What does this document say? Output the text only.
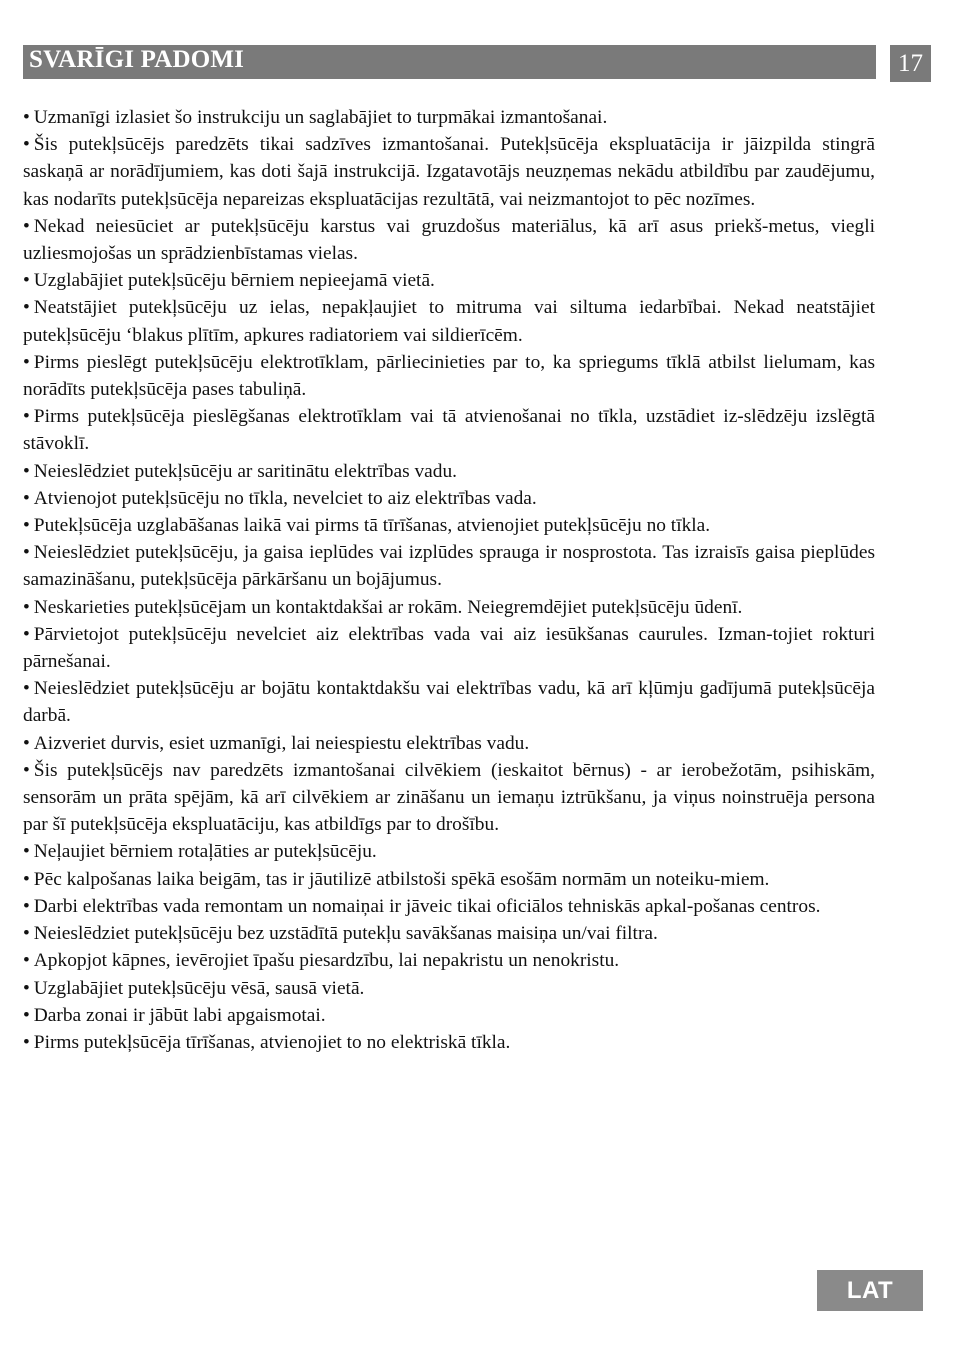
SVARĪGI PADOMI	17
• Uzmanīgi izlasiet šo instrukciju un saglabājiet to turpmākai izmantošanai.
• Šis putekļsūcējs paredzēts tikai sadzīves izmantošanai. Putekļsūcēja ekspluatācija ir jāizpilda stingrā saskaņā ar norādījumiem, kas doti šajā instrukcijā. Izgatavotājs neuzņemas nekādu atbildību par zaudējumu, kas nodarīts putekļsūcēja nepareizas ekspluatācijas rezultātā, vai neizmantojot to pēc nozīmes.
• Nekad neiesūciet ar putekļsūcēju karstus vai gruzdošus materiālus, kā arī asus priekš-metus, viegli uzliesmojošas un sprādzienbīstamas vielas.
• Uzglabājiet putekļsūcēju bērniem nepieejamā vietā.
• Neatstājiet putekļsūcēju uz ielas, nepakļaujiet to mitruma vai siltuma iedarbībai. Nekad neatstājiet putekļsūcēju ‘blakus plītīm, apkures radiatoriem vai sildierīcēm.
• Pirms pieslēgt putekļsūcēju elektrotīklam, pārliecinieties par to, ka spriegums tīklā atbilst lielumam, kas norādīts putekļsūcēja pases tabuliņā.
• Pirms putekļsūcēja pieslēgšanas elektrotīklam vai tā atvienošanai no tīkla, uzstādiet iz-slēdzēju izslēgtā stāvoklī.
• Neieslēdziet putekļsūcēju ar saritinātu elektrības vadu.
• Atvienojot putekļsūcēju no tīkla, nevelciet to aiz elektrības vada.
• Putekļsūcēja uzglabāšanas laikā vai pirms tā tīrīšanas, atvienojiet putekļsūcēju no tīkla.
• Neieslēdziet putekļsūcēju, ja gaisa ieplūdes vai izplūdes sprauga ir nosprostota. Tas izraisīs gaisa pieplūdes samazināšanu, putekļsūcēja pārkāršanu un bojājumus.
• Neskarieties putekļsūcējam un kontaktdakšai ar rokām. Neiegremdējiet putekļsūcēju ūdenī.
• Pārvietojot putekļsūcēju nevelciet aiz elektrības vada vai aiz iesūkšanas caurules. Izman-tojiet rokturi pārnešanai.
• Neieslēdziet putekļsūcēju ar bojātu kontaktdakšu vai elektrības vadu, kā arī kļūmju gadījumā putekļsūcēja darbā.
• Aizveriet durvis, esiet uzmanīgi, lai neiespiestu elektrības vadu.
• Šis putekļsūcējs nav paredzēts izmantošanai cilvēkiem (ieskaitot bērnus) - ar ierobežotām, psihiskām, sensorām un prāta spējām, kā arī cilvēkiem ar zināšanu un iemaņu iztrūkšanu, ja viņus noinstruēja persona par šī putekļsūcēja ekspluatāciju, kas atbildīgs par to drošību.
• Neļaujiet bērniem rotaļāties ar putekļsūcēju.
• Pēc kalpošanas laika beigām, tas ir jāutilizē atbilstoši spēkā esošām normām un noteiku-miem.
• Darbi elektrības vada remontam un nomaiņai ir jāveic tikai oficiālos tehniskās apkal-pošanas centros.
• Neieslēdziet putekļsūcēju bez uzstādītā putekļu savākšanas maisiņa un/vai filtra.
• Apkopjot kāpnes, ievērojiet īpašu piesardzību, lai nepakristu un nenokristu.
• Uzglabājiet putekļsūcēju vēsā, sausā vietā.
• Darba zonai ir jābūt labi apgaismotai.
• Pirms putekļsūcēja tīrīšanas, atvienojiet to no elektriskā tīkla.
LAT
